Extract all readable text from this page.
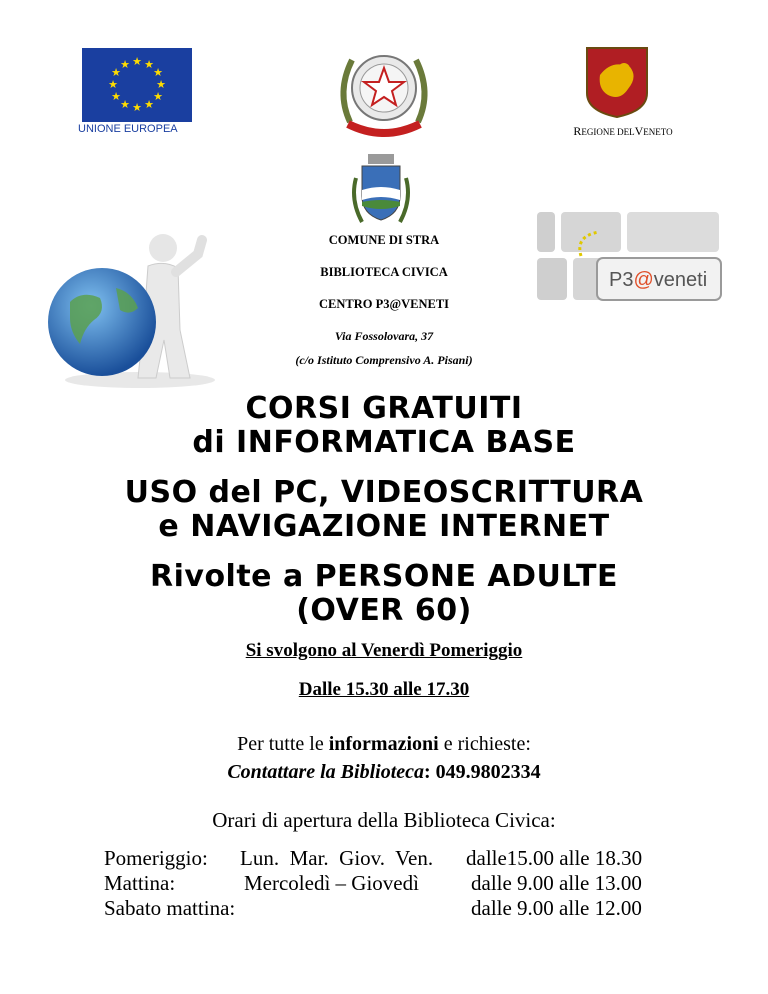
★ ★
★
★
★
★
★
★
★
★
★
★
UNIONE EUROPEA	REGIONE DELVENETO
P3@veneti
COMUNE DI STRA
BIBLIOTECA CIVICA
CENTRO P3@VENETI
Via Fossolovara, 37
(c/o Istituto Comprensivo A. Pisani)
CORSI GRATUITI
di INFORMATICA BASE
USO del PC, VIDEOSCRITTURA
e NAVIGAZIONE INTERNET
Rivolte a PERSONE ADULTE
(OVER 60)
Si svolgono al Venerdì Pomeriggio
Dalle 15.30 alle 17.30
Per tutte le informazioni e richieste:
Contattare la Biblioteca: 049.9802334
Orari di apertura della Biblioteca Civica:
Pomeriggio:
Mattina:
Sabato mattina:
Lun.  Mar.  Giov.  Ven.
Mercoledì – Giovedì
dalle15.00 alle 18.30
dalle 9.00 alle 13.00
dalle 9.00 alle 12.00
